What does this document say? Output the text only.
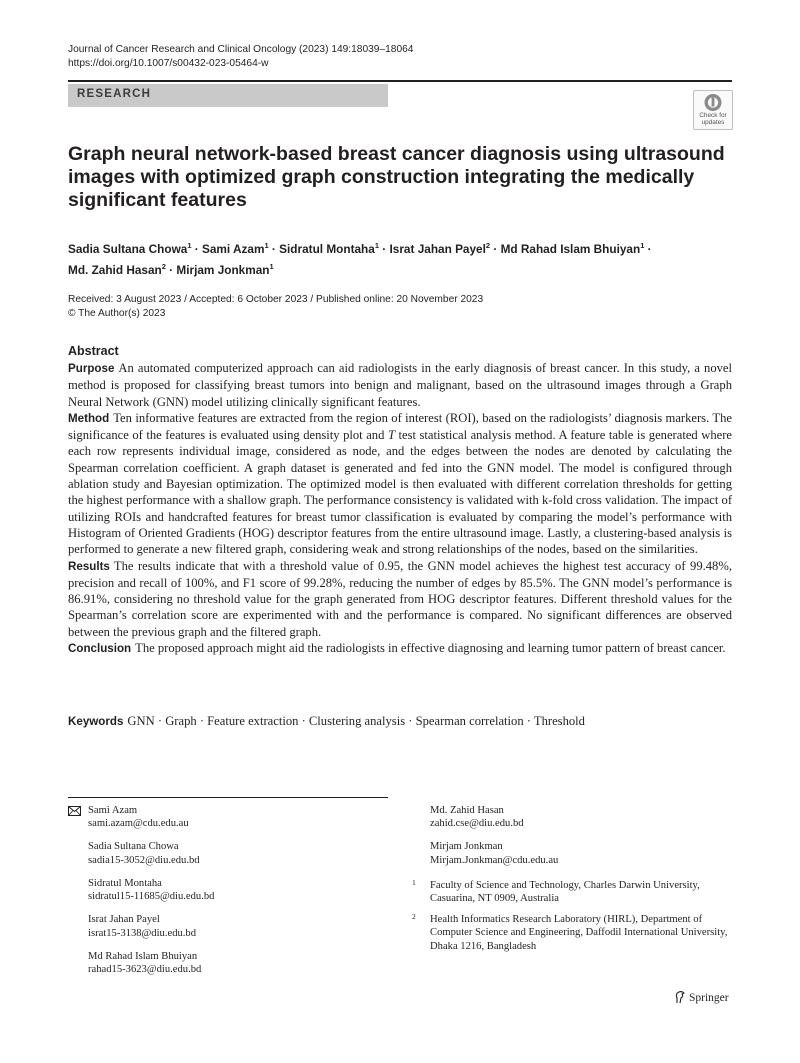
Journal of Cancer Research and Clinical Oncology (2023) 149:18039–18064
https://doi.org/10.1007/s00432-023-05464-w
RESEARCH
Check for
updates
Graph neural network-based breast cancer diagnosis using ultrasound images with optimized graph construction integrating the medically significant features
Sadia Sultana Chowa$^1$ · Sami Azam$^1$ · Sidratul Montaha$^1$ · Israt Jahan Payel$^2$ · Md Rahad Islam Bhuiyan$^1$ ·
Md. Zahid Hasan$^2$ · Mirjam Jonkman$^1$
Received: 3 August 2023 / Accepted: 6 October 2023 / Published online: 20 November 2023
© The Author(s) 2023
Abstract

Purpose An automated computerized approach can aid radiologists in the early diagnosis of breast cancer. In this study, a novel method is proposed for classifying breast tumors into benign and malignant, based on the ultrasound images through a Graph Neural Network (GNN) model utilizing clinically significant features.

Method Ten informative features are extracted from the region of interest (ROI), based on the radiologists’ diagnosis markers. The significance of the features is evaluated using density plot and T test statistical analysis method. A feature table is generated where each row represents individual image, considered as node, and the edges between the nodes are denoted by calculating the Spearman correlation coefficient. A graph dataset is generated and fed into the GNN model. The model is configured through ablation study and Bayesian optimization. The optimized model is then evaluated with different correlation thresholds for getting the highest performance with a shallow graph. The performance consistency is validated with k-fold cross validation. The impact of utilizing ROIs and handcrafted features for breast tumor classification is evaluated by comparing the model’s performance with Histogram of Oriented Gradients (HOG) descriptor features from the entire ultrasound image. Lastly, a clustering-based analysis is performed to generate a new filtered graph, considering weak and strong relationships of the nodes, based on the similarities.

Results The results indicate that with a threshold value of 0.95, the GNN model achieves the highest test accuracy of 99.48%, precision and recall of 100%, and F1 score of 99.28%, reducing the number of edges by 85.5%. The GNN model’s performance is 86.91%, considering no threshold value for the graph generated from HOG descriptor features. Different threshold values for the Spearman’s correlation score are experimented with and the performance is compared. No significant differences are observed between the previous graph and the filtered graph.

Conclusion The proposed approach might aid the radiologists in effective diagnosing and learning tumor pattern of breast cancer.

Keywords GNN · Graph · Feature extraction · Clustering analysis · Spearman correlation · Threshold
Sami Azam
sami.azam@cdu.edu.au
Sadia Sultana Chowa
sadia15-3052@diu.edu.bd
Sidratul Montaha
sidratul15-11685@diu.edu.bd
Israt Jahan Payel
israt15-3138@diu.edu.bd
Md Rahad Islam Bhuiyan
rahad15-3623@diu.edu.bd
Md. Zahid Hasan
zahid.cse@diu.edu.bd
Mirjam Jonkman
Mirjam.Jonkman@cdu.edu.au
1 Faculty of Science and Technology, Charles Darwin University, Casuarina, NT 0909, Australia
2 Health Informatics Research Laboratory (HIRL), Department of Computer Science and Engineering, Daffodil International University, Dhaka 1216, Bangladesh
Springer
